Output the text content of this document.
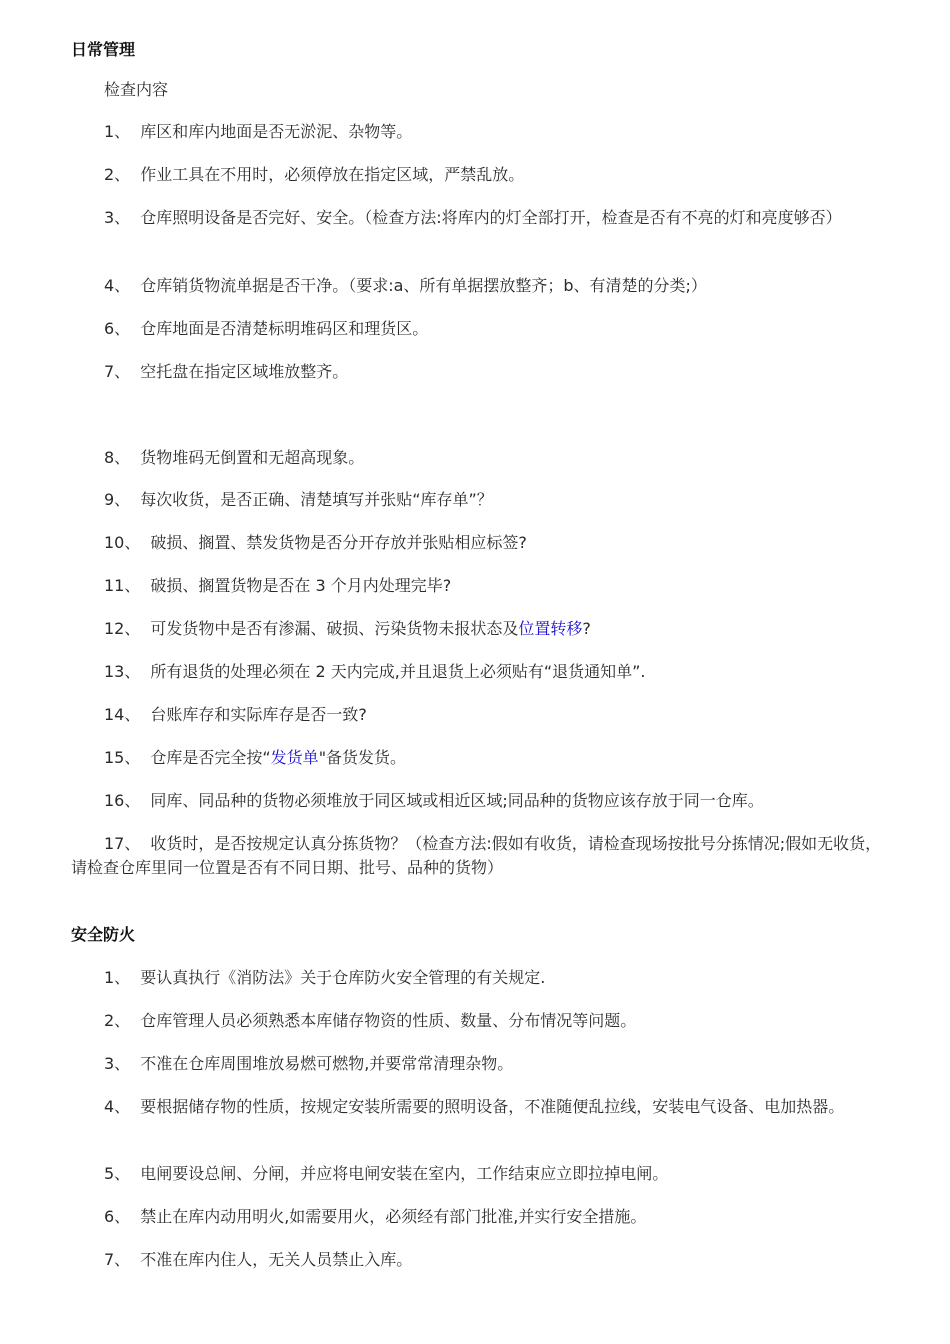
日常管理
检查内容
1、 库区和库内地面是否无淤泥、杂物等。
2、 作业工具在不用时，必须停放在指定区域，严禁乱放。
3、 仓库照明设备是否完好、安全。（检查方法:将库内的灯全部打开，检查是否有不亮的灯和亮度够否）
4、 仓库销货物流单据是否干净。（要求:a、所有单据摆放整齐；b、有清楚的分类;）
6、 仓库地面是否清楚标明堆码区和理货区。
7、 空托盘在指定区域堆放整齐。
8、 货物堆码无倒置和无超高现象。
9、 每次收货，是否正确、清楚填写并张贴“库存单”？
10、 破损、搁置、禁发货物是否分开存放并张贴相应标签?
11、 破损、搁置货物是否在 3 个月内处理完毕?
12、 可发货物中是否有渗漏、破损、污染货物未报状态及位置转移?
13、 所有退货的处理必须在 2 天内完成,并且退货上必须贴有“退货通知单”.
14、 台账库存和实际库存是否一致?
15、 仓库是否完全按“发货单"备货发货。
16、 同库、同品种的货物必须堆放于同区域或相近区域;同品种的货物应该存放于同一仓库。
17、 收货时，是否按规定认真分拣货物？（检查方法:假如有收货，请检查现场按批号分拣情况;假如无收货，请检查仓库里同一位置是否有不同日期、批号、品种的货物）
安全防火
1、 要认真执行《消防法》关于仓库防火安全管理的有关规定.
2、 仓库管理人员必须熟悉本库储存物资的性质、数量、分布情况等问题。
3、 不准在仓库周围堆放易燃可燃物,并要常常清理杂物。
4、 要根据储存物的性质，按规定安装所需要的照明设备，不准随便乱拉线，安装电气设备、电加热器。
5、 电闸要设总闸、分闸，并应将电闸安装在室内，工作结束应立即拉掉电闸。
6、 禁止在库内动用明火,如需要用火，必须经有部门批准,并实行安全措施。
7、 不准在库内住人，无关人员禁止入库。
